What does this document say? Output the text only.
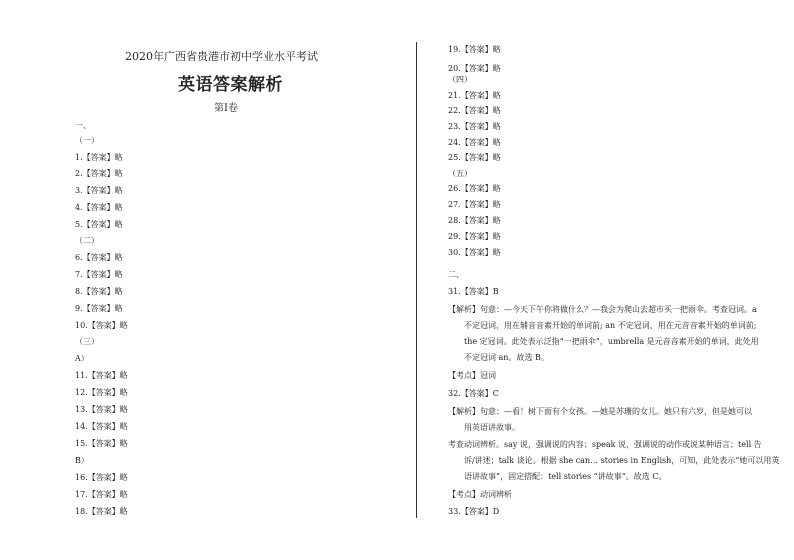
2020年广西省贵港市初中学业水平考试
英语答案解析
第Ⅰ卷
一、
（一）
1.【答案】略
2.【答案】略
3.【答案】略
4.【答案】略
5.【答案】略
（二）
6.【答案】略
7.【答案】略
8.【答案】略
9.【答案】略
10.【答案】略
（三）
A）
11.【答案】略
12.【答案】略
13.【答案】略
14.【答案】略
15.【答案】略
B）
16.【答案】略
17.【答案】略
18.【答案】略
19.【答案】略
20.【答案】略
（四）
21.【答案】略
22.【答案】略
23.【答案】略
24.【答案】略
25.【答案】略
（五）
26.【答案】略
27.【答案】略
28.【答案】略
29.【答案】略
30.【答案】略
二、
31.【答案】B
【解析】句意：—今天下午你将做什么？—我会为爬山去超市买一把雨伞。考查冠词。a
不定冠词，用在辅音音素开始的单词前; an 不定冠词，用在元音音素开始的单词前;
the 定冠词。此处表示泛指“一把雨伞”，umbrella 是元音音素开始的单词，此处用
不定冠词 an。故选 B。
【考点】冠词
32.【答案】C
【解析】句意：—看！树下面有个女孩。—她是苏珊的女儿。她只有六岁，但是她可以
用英语讲故事。
考查动词辨析。say 说，强调说的内容；speak 说，强调说的动作或说某种语言；tell 告
诉/讲述；talk 谈论。根据 she can… stories in English，可知，此处表示“她可以用英
语讲故事”，固定搭配：tell stories “讲故事”。故选 C。
【考点】动词辨析
33.【答案】D
